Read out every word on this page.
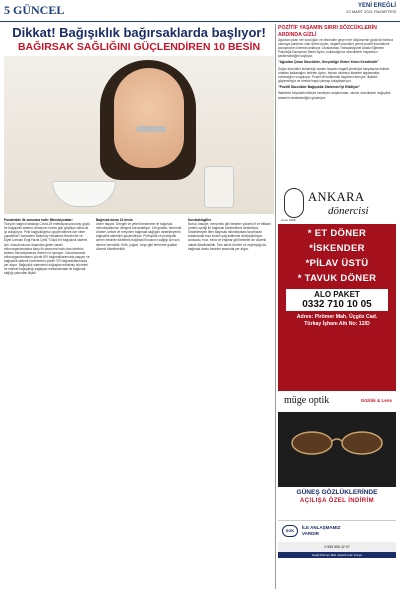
5 GÜNCEL	YENİ EREĞLİ
22 MART 2021 PAZARTESİ
Dikkat! Bağışıklık bağırsaklarda başlıyor!
BAĞIRSAK SAĞLIĞINI GÜÇLENDİREN 10 BESİN
Pandemide ilk savunma hattı: Mikrobiyotalar!
Yüzyılın salgını hastalığı Covid-19 enfeksiyonuna karşı güçlü bir bağışıklık sistemi olmasının önemi gün geçtikçe daha da iyi anlaşılıyor. Peki bağışıklığımızı güçlendirmek için neler yapabiliriz? Acıbadem Bakırköy Hastanesi Beslenme ve Diyet Uzmanı Ezgi Hazal Çelik "Güçlü bir bağışıklık sistemi için, vücudumuzun dışarıdan gelen zararlı mikroorganizmalara karşı ilk savunma hattı olan sindirim sistemi mikrobiyotasını önemli rol oynuyor. Vücudumuzda mikroorganizmaların yüzde 80'i bağırsaklarımızda yaşıyor ve bağışıklık sistemi hücrelerinin yüzde 70'i bağırsaklarımızda yer alıyor. Bağışıklık sisteminin doğuştan edinilmiş hücreleri ve edinsel bağışıklığı sağlayan mekanizmalar ile bağırsak sağlığı yakından ilişkili.
Bağırsak dostu 10 besin
önem taşıyor. Dengeli ve yeterli beslenme ile bağırsak mikrobiyotasının dengesi korunabiliyor. Lifli gıdalar, fermente ürünler, sebze ve meyveler bağırsak sağlığını destekleyerek bağışıklık sistemini güçlendiriyor. Prebiyotik ve probiyotik içeren besinler tüketmek bağırsak florasının sağlığı için son derece önemlidir. Kefir, yoğurt, turşu gibi fermente gıdalar düzenli tüketilmelidir.
Kurubaklagiller
Nohut, fasulye, mercimek gibi besinler yüksek lif ve bitkisel protein içeriği ile bağırsak hareketlerini destekliyor. Sindirilmeyen lifler bağırsak mikrobiyotası tarafından kullanılarak kısa zincirli yağ asitlerine dönüştürülüyor. Avokado, muz, elma ve enginar gibi besinler de düzenli olarak tüketilmelidir. Tam tahıllı ürünler ve zeytinyağı da bağırsak dostu besinler arasında yer alıyor.
POZİTİF YAŞAMIN SIRRI SÖZCÜKLERİN ARDINDA GİZLİ
Ağızdan çıkan her sözcüğün ve zihninden geçen her düşüncenin gücünün farkına varmaya yardımcı olan Şerim Aydın, negatif sözcükler yerine pozitif sözcüklerle konuşmanın önemini anlatıyor. Uluslararası Transaksiyonel Analiz Eğitmeni Psikolojik Danışman Şerim Aydın, kullandığımız sözcüklerin hayatımızı şekillendirdiğini söylüyor.
"Ağızdan Çıkan Sözcükler, Gerçekliğe Giden Yolun Kendisidir"
Doğru sözcükler kullandığı zaman hayatın negatif yönleriyle karşılaşma riskinin ortadan kalkacağını belirten Aydın, beynin olumsuz ifadeleri algılamakta zorlandığını vurguluyor. Pozitif dil kullanmak özgüveni artırıyor, ilişkileri güçlendiriyor ve stresle başa çıkmayı kolaylaştırıyor.
"Pozitif Sözcükler Bağışıklık Sistemini İyi Etkiliyor"
İfadelerin beyindeki etkisini inceleyen araştırmalar, olumlu sözcüklerin bağışıklık sistemini desteklediğini gösteriyor.
ANKARA
dönercisi
since 1998
* ET DÖNER
*İSKENDER
*PİLAV ÜSTÜ
* TAVUK DÖNER
ALO PAKET
0332 710 10 05
Adres: Pirömer Mah. Üçgöz Cad.
Türkay İşhanı Altı No: 12/D
müge optik	Gözlük & Lens
GÜNEŞ GÖZLÜKLERİNDE
AÇILIŞA ÖZEL İNDİRİM
SGK
İLE ANLAŞMAMIZ
VARDIR
0 555 555 42 97
Ereğli Pirömer Mah. Atatürk Cad. Konya
